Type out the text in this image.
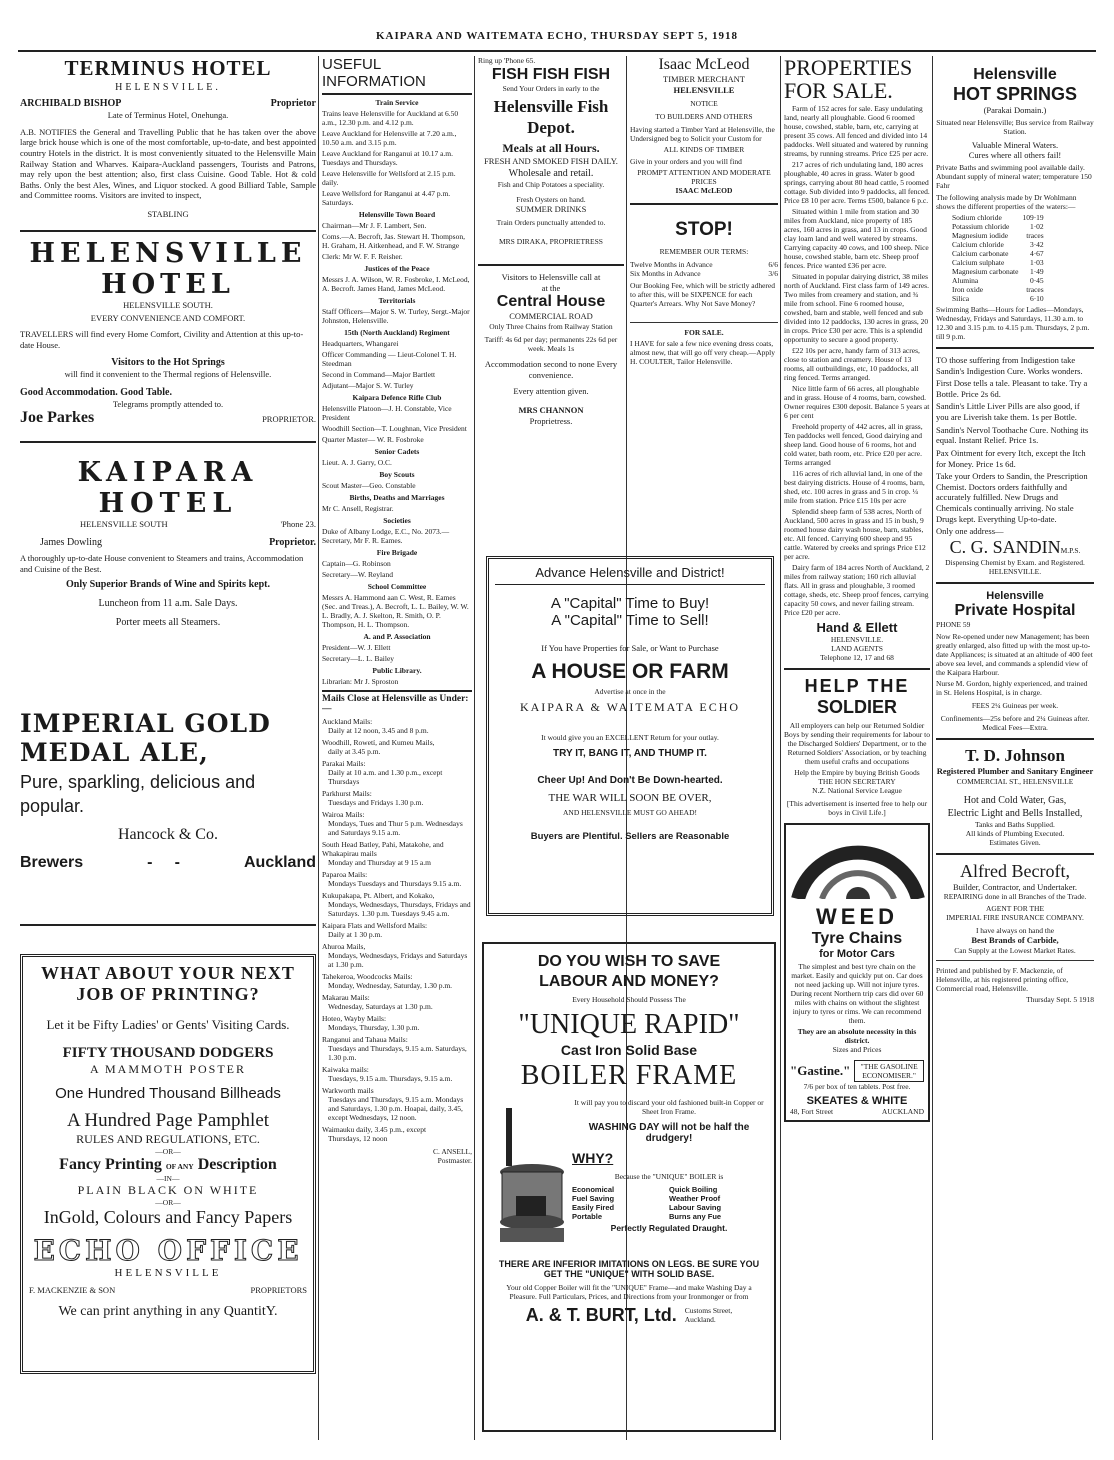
KAIPARA AND WAITEMATA ECHO, THURSDAY SEPT 5, 1918
TERMINUS HOTEL
HELENSVILLE.
ARCHIBALD BISHOP	Proprietor
Late of Terminus Hotel, Onehunga.

A.B. NOTIFIES the General and Travelling Public that he has taken over the above large brick house which is one of the most comfortable, up-to-date, and best appointed country Hotels in the district. It is most conveniently situated to the Helensville Main Railway Station and Wharves. Kaipara-Auckland passengers, Tourists and Patrons, may rely upon the best attention; also, first class Cuisine. Good Table. Hot & cold Baths. Only the best Ales, Wines, and Liquor stocked. A good Billiard Table, Sample and Committee rooms. Visitors are invited to inspect,

STABLING
HELENSVILLE HOTEL
HELENSVILLE SOUTH.
EVERY CONVENIENCE AND COMFORT.

TRAVELLERS will find every Home Comfort, Civility and Attention at this up-to-date House.

Visitors to the Hot Springs
will find it convenient to the Thermal regions of Helensville.
Good Accommodation. Good Table.
Telegrams promptly attended to.
Joe Parkes	PROPRIETOR.
KAIPARA HOTEL
HELENSVILLE SOUTH	'Phone 23.
James Dowling	Proprietor.

A thoroughly up-to-date House convenient to Steamers and trains, Accommodation and Cuisine of the Best.

Only Superior Brands of Wine and Spirits kept.
Luncheon from 11 a.m. Sale Days.
Porter meets all Steamers.
IMPERIAL GOLD MEDAL ALE,
Pure, sparkling, delicious and popular.
Hancock & Co.
Brewers	-     -	Auckland
WHAT ABOUT YOUR NEXT
JOB OF PRINTING?
Let it be Fifty Ladies' or Gents' Visiting Cards.
FIFTY THOUSAND DODGERS
A MAMMOTH POSTER
One Hundred Thousand Billheads
A Hundred Page Pamphlet
RULES AND REGULATIONS, ETC.
—OR—
Fancy Printing OF ANY Description
—IN—
PLAIN BLACK ON WHITE
—OR—
InGold, Colours and Fancy Papers
ECHO OFFICE
HELENSVILLE
F. MACKENZIE & SON	PROPRIETORS
We can print anything in any QuantitY.
USEFUL INFORMATION
Train Service

Trains leave Helensville for Auckland at 6.50 a.m., 12.30 p.m. and 4.12 p.m.

Leave Auckland for Helensville at 7.20 a.m., 10.50 a.m. and 3.15 p.m.

Leave Auckland for Ranganui at 10.17 a.m. Tuesdays and Thursdays.

Leave Helensville for Wellsford at 2.15 p.m. daily.

Leave Wellsford for Ranganui at 4.47 p.m. Saturdays.

Helensville Town Board

Chairman—Mr J. F. Lambert, Sen.

Coms.—A. Becroft, Jas. Stewart H. Thompson, H. Graham, H. Aitkenhead, and F. W. Strange

Clerk: Mr W. F. F. Reisher.

Justices of the Peace

Messrs J. A. Wilson, W. R. Fosbroke, I. McLeod, A. Becroft. James Hand, James McLeod.

Territorials

Staff Officers—Major S. W. Turley, Sergt.-Major Johnston, Helensville.

15th (North Auckland) Regiment

Headquarters, Whangarei

Officer Commanding — Lieut-Colonel T. H. Steedman

Second in Command—Major Bartlett

Adjutant—Major S. W. Turley

Kaipara Defence Rifle Club

Helensville Platoon—J. H. Constable, Vice President

Woodhill Section—T. Loughnan, Vice President

Quarter Master— W. R. Fosbroke

Senior Cadets

Lieut. A. J. Garry, O.C.

Boy Scouts

Scout Master—Geo. Constable

Births, Deaths and Marriages

Mr C. Ansell, Registrar.

Societies

Duke of Albany Lodge, E.C., No. 2073.—Secretary, Mr F. R. Eames.

Fire Brigade

Captain—G. Robinson

Secretary—W. Reyland

School Committee

Messrs A. Hammond aan C. West, R. Eames (Sec. and Treas.), A. Becroft, L. L. Bailey, W. W. L. Bradly, A. J. Skelton, R. Smith, O. P. Thompson, H. L. Thompson.

A. and P. Association

President—W. J. Ellett

Secretary—L. L. Bailey

Public Library.

Librarian: Mr J. Sproston

Mails Close at Helensville as Under:—
Auckland Mails:
Daily at 12 noon, 3.45 and 8 p.m.
Woodhill, Rowetí, and Kumeu Mails,
daily at 3.45 p.m.
Parakai Mails:
Daily at 10 a.m. and 1.30 p.m., except Thursdays
Parkhurst Mails:
Tuesdays and Fridays 1.30 p.m.
Wairoa Mails:
Mondays, Tues and Thur 5 p.m. Wednesdays and Saturdays 9.15 a.m.
South Head Batley, Pahi, Matakohe, and Whakapirau mails
Monday and Thursday at 9 15 a.m
Paparoa Mails:
Mondays Tuesdays and Thursdays 9.15 a.m.
Kukupakapa, Pt. Albert, and Kokako,
Mondays, Wednesdays, Thursdays, Fridays and Saturdays. 1.30 p.m. Tuesdays 9.45 a.m.
Kaipara Flats and Wellsford Mails:
Daily at 1 30 p.m.
Ahuroa Mails,
Mondays, Wednesdays, Fridays and Saturdays at 1.30 p.m.
Tahekeroa, Woodcocks Mails:
Monday, Wednesday, Saturday, 1.30 p.m.
Makarau Mails:
Wednesday, Saturdays at 1.30 p.m.
Hoteo, Wayby Mails:
Mondays, Thursday, 1.30 p.m.
Ranganui and Tahaua Mails:
Tuesdays and Thursdays, 9.15 a.m. Saturdays, 1.30 p.m.
Kaiwaka mails:
Tuesdays, 9.15 a.m. Thursdays, 9.15 a.m.
Warkworth mails
Tuesdays and Thursdays, 9.15 a.m. Mondays and Saturdays, 1.30 p.m. Hoapai, daily, 3.45, except Wednesdays, 12 noon.
Waimauku daily, 3.45 p.m., except
Thursdays, 12 noon
C. ANSELL,
Postmaster.
Ring up 'Phone 65.
FISH FISH FISH
Send Your Orders in early to the
Helensville Fish Depot.
Meals at all Hours.
FRESH AND SMOKED FISH DAILY.
Wholesale and retail.
Fish and Chip Potatoes a speciality.
Fresh Oysters on hand.
SUMMER DRINKS
Train Orders punctually attended to.
MRS DIRAKA, PROPRIETRESS
Visitors to Helensville call at
at the
Central House
COMMERCIAL ROAD
Only Three Chains from Railway Station
Tariff: 4s 6d per day; permanents 22s 6d per week. Meals 1s
Accommodation second to none Every convenience.
Every attention given.
MRS CHANNON
Proprietress.
Isaac McLeod
TIMBER MERCHANT
HELENSVILLE
NOTICE
TO BUILDERS AND OTHERS

Having started a Timber Yard at Helensville, the Undersigned beg to Solicit your Custom for

ALL KINDS OF TIMBER

Give in your orders and you will find

PROMPT ATTENTION AND MODERATE PRICES
ISAAC McLEOD
STOP!
REMEMBER OUR TERMS:
Twelve Months in Advance	6/6
Six Months in Advance	3/6

Our Booking Fee, which will be strictly adhered to after this, will be SIXPENCE for each Quarter's Arrears. Why Not Save Money?

FOR SALE.

I HAVE for sale a few nice evening dress coats, almost new, that will go off very cheap.—Apply H. COULTER, Tailor Helensville.

Advance Helensville and District!
A "Capital" Time to Buy!
A "Capital" Time to Sell!
If You have Properties for Sale, or Want to Purchase
A HOUSE OR FARM
Advertise at once in the
KAIPARA & WAITEMATA ECHO
It would give you an EXCELLENT Return for your outlay.
TRY IT, BANG IT, AND THUMP IT.
Cheer Up! And Don't Be Down-hearted.
THE WAR WILL SOON BE OVER,
AND HELENSVILLE MUST GO AHEAD!
Buyers are Plentiful. Sellers are Reasonable
DO YOU WISH TO SAVE
LABOUR AND MONEY?
Every Household Should Possess The
"UNIQUE RAPID"
Cast Iron Solid Base
BOILER FRAME
It will pay you to discard your old fashioned built-in Copper or Sheet Iron Frame.
WASHING DAY will not be half the drudgery!
WHY?
Because the "UNIQUE" BOILER is
Economical	Quick Boiling
Fuel Saving	Weather Proof
Easily Fired	Labour Saving
Portable	Burns any Fue
Perfectly Regulated Draught.
THERE ARE INFERIOR IMITATIONS ON LEGS. BE SURE YOU GET THE "UNIQUE" WITH SOLID BASE.
Your old Copper Boiler will fit the "UNIQUE" Frame—and make Washing Day a Pleasure. Full Particulars, Prices, and Directions from your Ironmonger or from
A. & T. BURT, Ltd. Customs Street,
Auckland.
PROPERTIES FOR SALE.

Farm of 152 acres for sale. Easy undulating land, nearly all ploughable. Good 6 roomed house, cowshed, stable, barn, etc, carrying at present 35 cows. All fenced and divided into 14 paddocks. Well situated and watered by running streams, by running streams. Price £25 per acre.

217 acres of rich undulating land, 180 acres ploughable, 40 acres in grass. Water b good springs, carrying about 80 head cattle, 5 roomed cottage. Sub divided into 9 paddocks, all fenced. Price £8 10 per acre. Terms £500, balance 6 p.c.

Situated within 1 mile from station and 30 miles from Auckland, nice property of 185 acres, 160 acres in grass, and 13 in crops. Good clay loam land and well watered by streams. Carrying capacity 40 cows, and 100 sheep. Nice house, cowshed stable, barn etc. Sheep proof fences. Price wanted £36 per acre.

Situated in popular dairying district, 38 miles north of Auckland. First class farm of 149 acres. Two miles from creamery and station, and ¾ mile from school. Fine 6 roomed house, cowshed, barn and stable, well fenced and sub divided into 12 paddocks, 130 acres in grass, 20 in crops. Price £30 per acre. This is a splendid opportunity to secure a good property.

£22 10s per acre, handy farm of 313 acres, close to station and creamery. House of 13 rooms, all outbuildings, etc, 10 paddocks, all ring fenced. Terms arranged.

Nice little farm of 66 acres, all ploughable and in grass. House of 4 rooms, barn, cowshed. Owner requires £300 deposit. Balance 5 years at 6 per cent

Freehold property of 442 acres, all in grass, Ten paddocks well fenced, Good dairying and sheep land. Good house of 6 rooms, hot and cold water, bath room, etc. Price £20 per acre. Terms arranged

116 acres of rich alluvial land, in one of the best dairying districts. House of 4 rooms, barn, shed, etc. 100 acres in grass and 5 in crop. ¼ mile from station. Price £15 10s per acre

Splendid sheep farm of 538 acres, North of Auckland, 500 acres in grass and 15 in bush, 9 roomed house dairy wash house, barn, stables, etc. All fenced. Carrying 600 sheep and 95 cattle. Watered by creeks and springs Price £12 per acre.

Dairy farm of 184 acres North of Auckland, 2 miles from railway station; 160 rich alluvial flats. All in grass and ploughable, 3 roomed cottage, sheds, etc. Sheep proof fences, carrying capacity 50 cows, and never failing stream. Price £20 per acre.

Hand & Ellett
HELENSVILLE.
LAND AGENTS
Telephone 12, 17 and 68
HELP THE
SOLDIER

All employers can help our Returned Soldier Boys by sending their requirements for labour to the Discharged Soldiers' Department, or to the Returned Soldiers' Association, or by teaching them useful crafts and occupations

Help the Empire by buying British Goods
THE HON SECRETARY
N.Z. National Service League
[This advertisement is inserted free to help our boys in Civil Life.]
WEED
Tyre Chains
for Motor Cars

The simplest and best tyre chain on the market. Easily and quickly put on. Car does not need jacking up. Will not injure tyres. During recent Northern trip cars did over 60 miles with chains on without the slightest injury to tyres or rims. We can recommend them.

They are an absolute necessity in this district.
Sizes and Prices
"Gastine."	"THE GASOLINE ECONOMISER."
7/6 per box of ten tablets. Post free.
SKEATES & WHITE
48, Fort Street	AUCKLAND
Helensville
HOT SPRINGS
(Parakai Domain.)

Situated near Helensville; Bus service from Railway Station.

Valuable Mineral Waters.
Cures where all others fail!

Private Baths and swimming pool available daily. Abundant supply of mineral water; temperature 150 Fahr

The following analysis made by Dr Wohlmann shows the different properties of the waters:—

Sodium chloride	109·19
Potassium chloride	1·02
Magnesium iodide	traces
Calcium chloride	3·42
Calcium carbonate	4·67
Calcium sulphate	1·03
Magnesium carbonate	1·49
Alumina	0·45
Iron oxide	traces
Silica	6·10

Swimming Baths—Hours for Ladies—Mondays, Wednesday, Fridays and Saturdays, 11.30 a.m. to 12.30 and 3.15 p.m. to 4.15 p.m. Thursdays, 2 p.m. till 9 p.m.

TO those suffering from Indigestion take Sandin's Indigestion Cure. Works wonders.

First Dose tells a tale. Pleasant to take. Try a Bottle. Price 2s 6d.

Sandin's Little Liver Pills are also good, if you are Liverish take them. 1s per Bottle.

Sandin's Nervol Toothache Cure. Nothing its equal. Instant Relief. Price 1s.

Pax Ointment for every Itch, except the Itch for Money. Price 1s 6d.

Take your Orders to Sandin, the Prescription Chemist. Doctors orders faithfully and accurately fulfilled. New Drugs and Chemicals continually arriving. No stale Drugs kept. Everything Up-to-date.

Only one address—
C. G. SANDINM.P.S.
Dispensing Chemist by Exam. and Registered.
HELENSVILLE.
Helensville
Private Hospital
PHONE 59

Now Re-opened under new Management; has been greatly enlarged, also fitted up with the most up-to-date Appliances; is situated at an altitude of 400 feet above sea level, and commands a splendid view of the Kaipara Harbour.

Nurse M. Gordon, highly experienced, and trained in St. Helens Hospital, is in charge.

FEES 2¼ Guineas per week.
Confinements—25s before and 2¼ Guineas after.
Medical Fees—Extra.
T. D. Johnson
Registered Plumber and Sanitary Engineer
COMMERCIAL ST., HELENSVILLE
Hot and Cold Water, Gas,
Electric Light and Bells Installed,
Tanks and Baths Supplied.
All kinds of Plumbing Executed.
Estimates Given.
Alfred Becroft,
Builder, Contractor, and Undertaker.
REPAIRING done in all Branches of the Trade.
AGENT FOR THE
IMPERIAL FIRE INSURANCE COMPANY.
I have always on hand the
Best Brands of Carbide,
Can Supply at the Lowest Market Rates.

Printed and published by F. Mackenzie, of Helensville, at his registered printing office, Commercial road, Helensville.

Thursday Sept. 5 1918
